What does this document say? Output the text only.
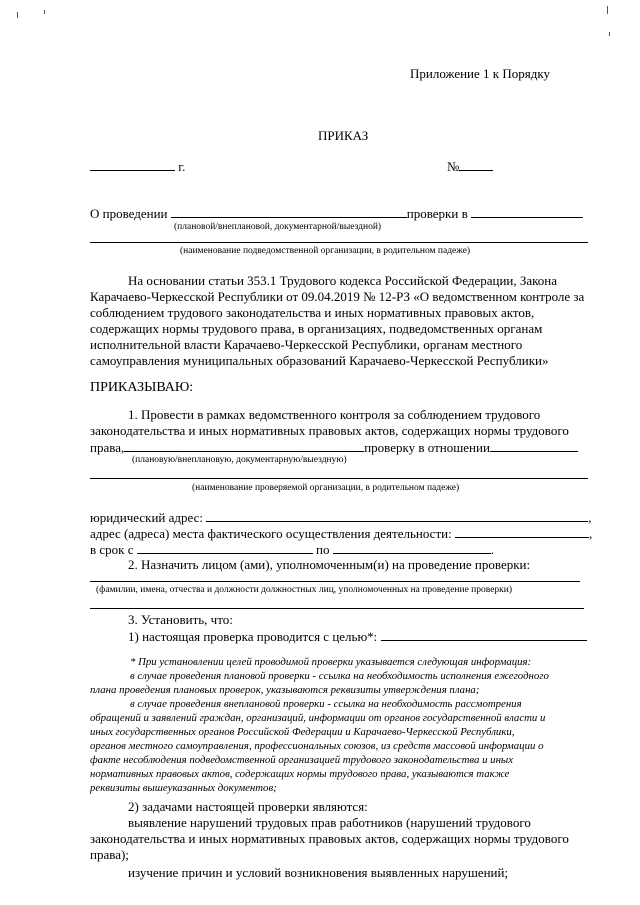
Приложение 1 к Порядку
ПРИКАЗ
г.	№
О проведении	проверки в
(плановой/внеплановой, документарной/выездной)
(наименование подведомственной организации, в родительном падеже)
На основании статьи 353.1 Трудового кодекса Российской Федерации, Закона
Карачаево-Черкесской Республики от 09.04.2019 № 12-РЗ «О ведомственном контроле за
соблюдением трудового законодательства и иных нормативных правовых актов,
содержащих нормы трудового права, в организациях, подведомственных органам
исполнительной власти Карачаево-Черкесской Республики, органам местного
самоуправления муниципальных образований Карачаево-Черкесской Республики»
ПРИКАЗЫВАЮ:
1. Провести в рамках ведомственного контроля за соблюдением трудового
законодательства и иных нормативных правовых актов, содержащих нормы трудового
права,	проверку в отношении
(плановую/внеплановую, документарную/выездную)
(наименование проверяемой организации, в родительном падеже)
юридический адрес:	,
адрес (адреса) места фактического осуществления деятельности:	,
в срок с	по	.
2. Назначить лицом (ами), уполномоченным(и) на проведение проверки:
(фамилии, имена, отчества и должности должностных лиц, уполномоченных на проведение проверки)
3. Установить, что:
1) настоящая проверка проводится с целью*:
* При установлении целей проводимой проверки указывается следующая информация:
в случае проведения плановой проверки - ссылка на необходимость исполнения ежегодного
плана проведения плановых проверок, указываются реквизиты утверждения плана;
в случае проведения внеплановой проверки - ссылка на необходимость рассмотрения
обращений и заявлений граждан, организаций, информации от органов государственной власти и
иных государственных органов Российской Федерации и Карачаево-Черкесской Республики,
органов местного самоуправления, профессиональных союзов, из средств массовой информации о
факте несоблюдения подведомственной организацией трудового законодательства и иных
нормативных правовых актов, содержащих нормы трудового права, указываются также
реквизиты вышеуказанных документов;
2) задачами настоящей проверки являются:
выявление нарушений трудовых прав работников (нарушений трудового
законодательства и иных нормативных правовых актов, содержащих нормы трудового
права);
изучение причин и условий возникновения выявленных нарушений;
